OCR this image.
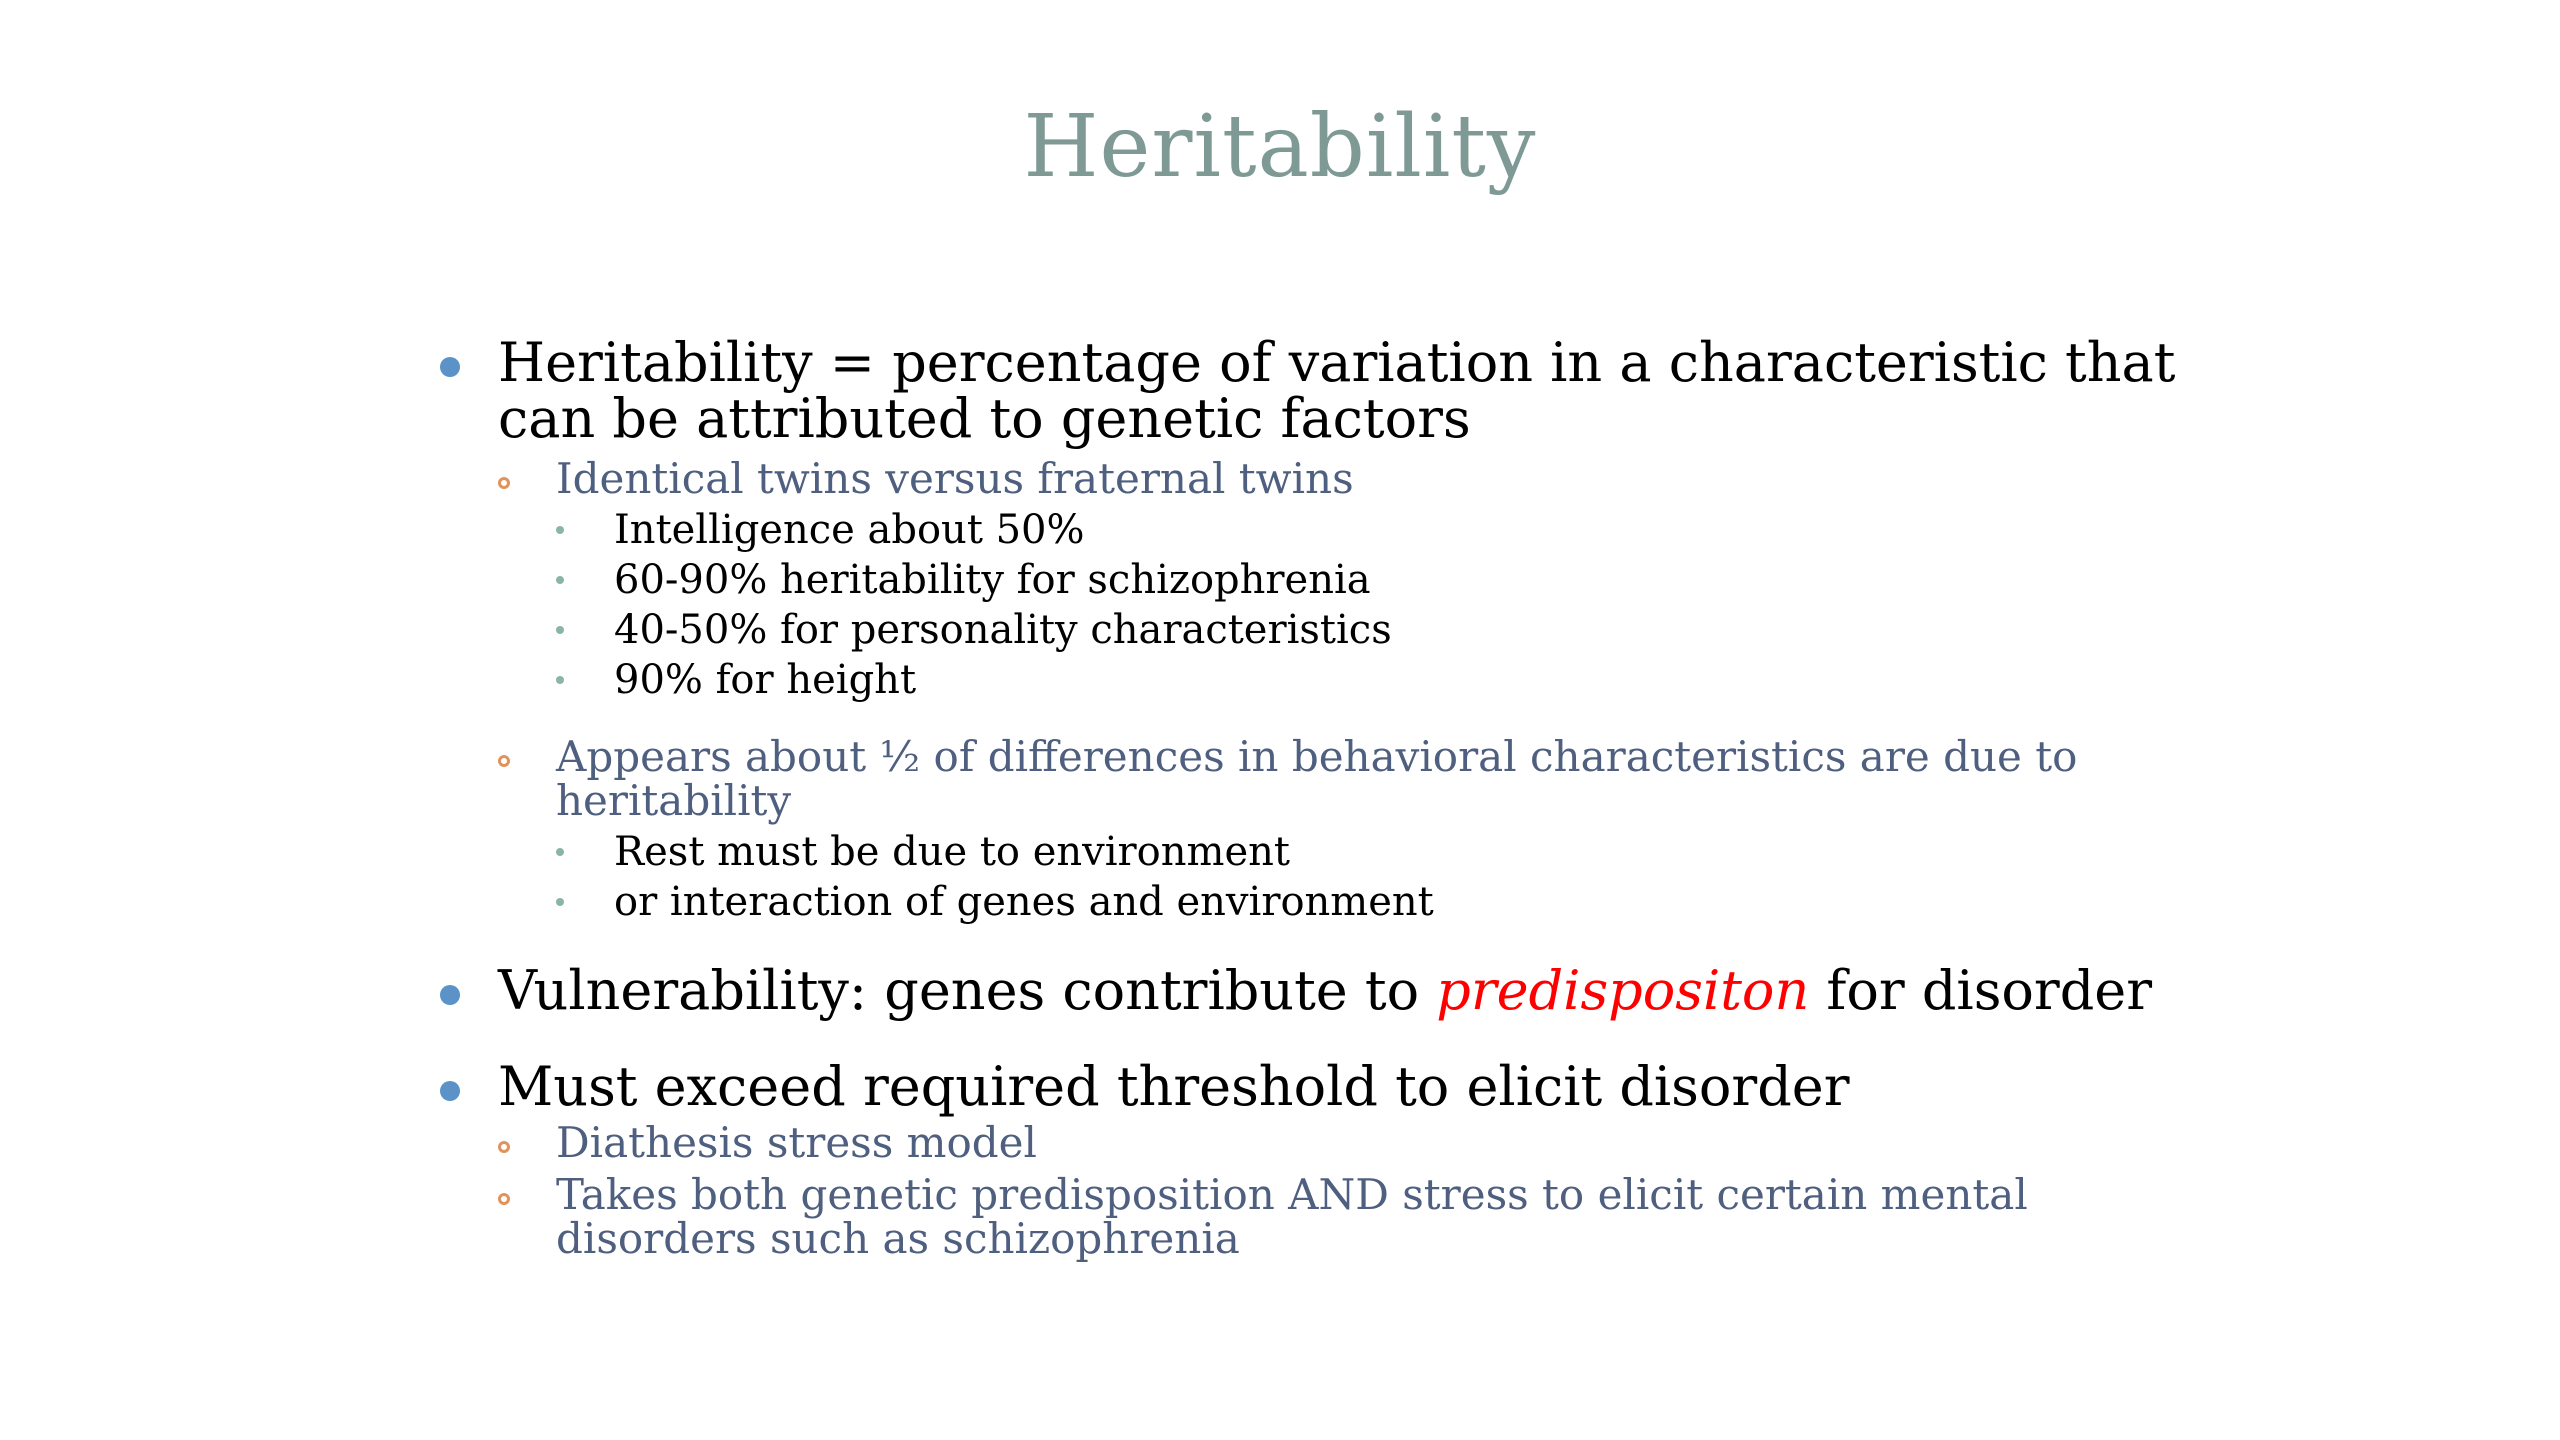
Heritability
Heritability = percentage of variation in a characteristic that can be attributed to genetic factors
Identical twins versus fraternal twins
Intelligence about 50%
60-90% heritability for schizophrenia
40-50% for personality characteristics
90% for height
Appears about ½ of differences in behavioral characteristics are due to heritability
Rest must be due to environment
or interaction of genes and environment
Vulnerability: genes contribute to predispositon for disorder
Must exceed required threshold to elicit disorder
Diathesis stress model
Takes both genetic predisposition AND stress to elicit certain mental disorders such as schizophrenia
